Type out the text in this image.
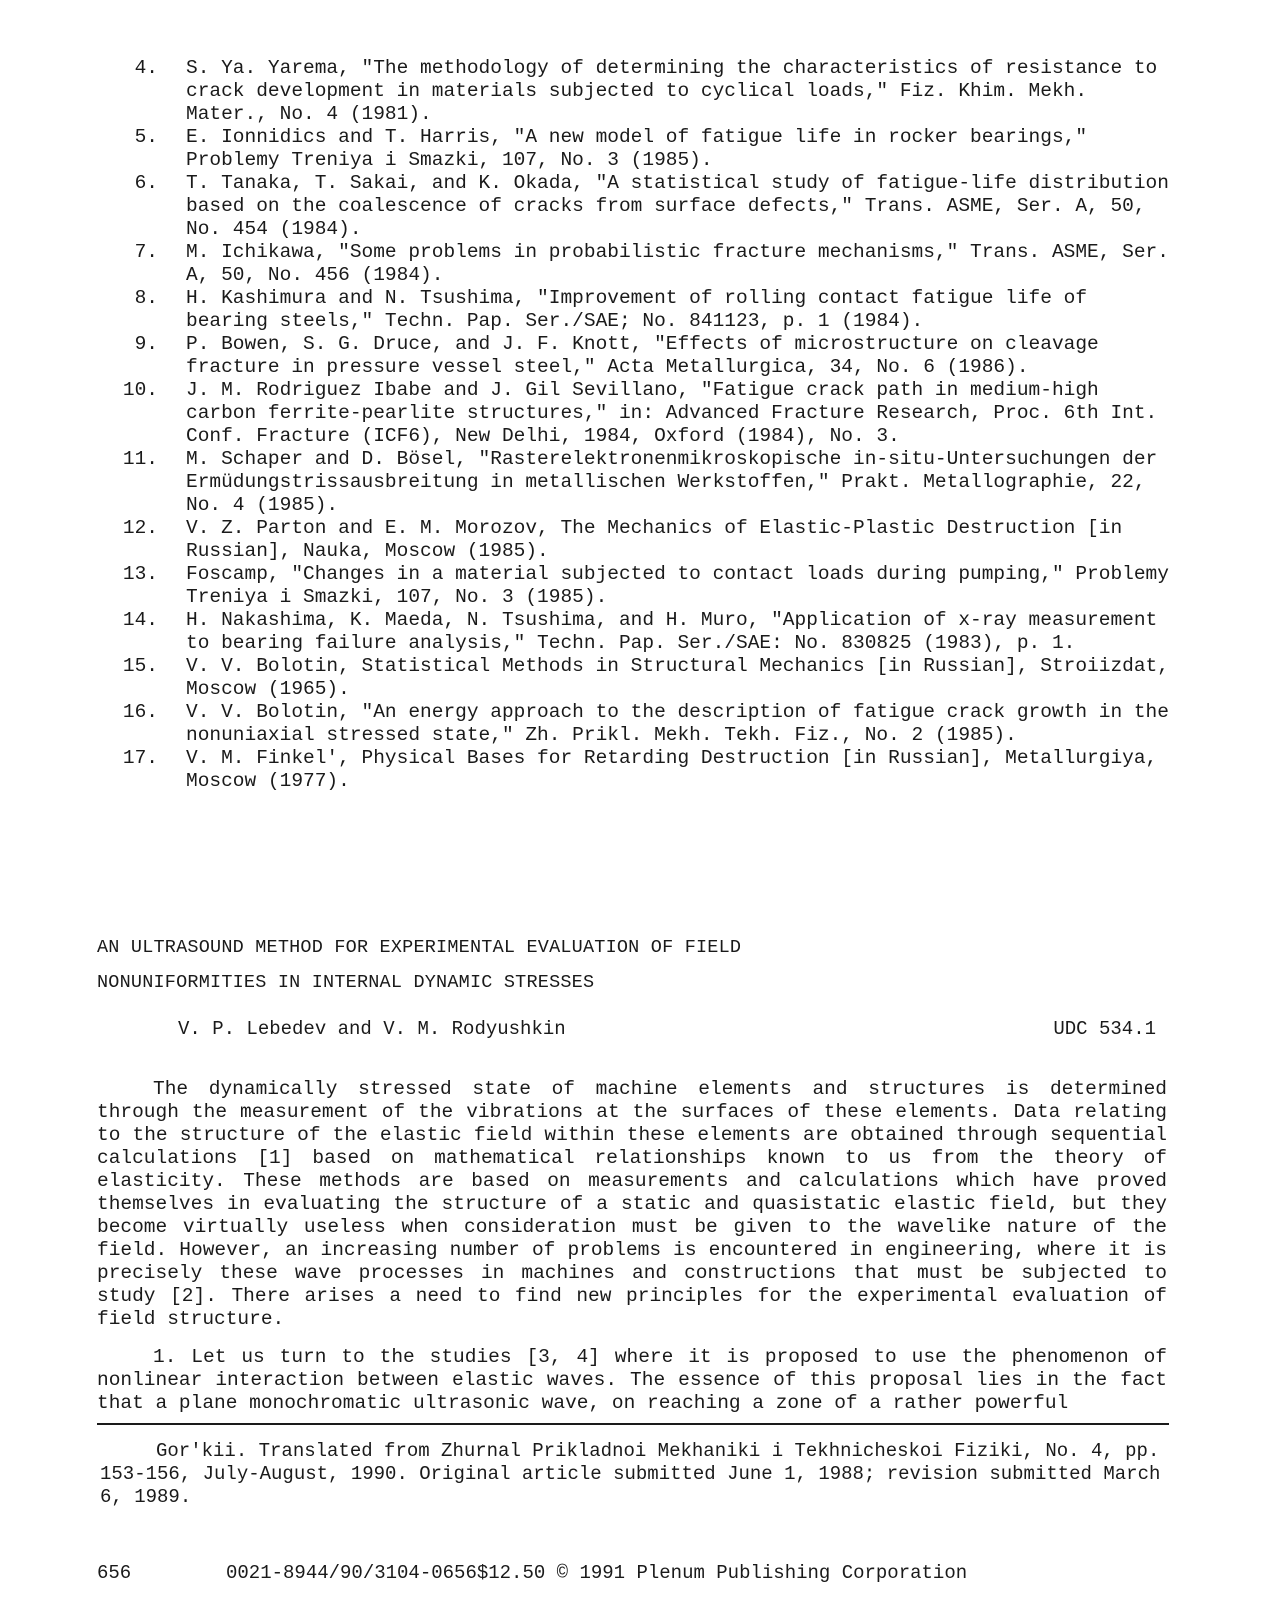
4.	S. Ya. Yarema, "The methodology of determining the characteristics of resistance to crack development in materials subjected to cyclical loads," Fiz. Khim. Mekh. Mater., No. 4 (1981).
5.	E. Ionnidics and T. Harris, "A new model of fatigue life in rocker bearings," Problemy Treniya i Smazki, 107, No. 3 (1985).
6.	T. Tanaka, T. Sakai, and K. Okada, "A statistical study of fatigue-life distribution based on the coalescence of cracks from surface defects," Trans. ASME, Ser. A, 50, No. 454 (1984).
7.	M. Ichikawa, "Some problems in probabilistic fracture mechanisms," Trans. ASME, Ser. A, 50, No. 456 (1984).
8.	H. Kashimura and N. Tsushima, "Improvement of rolling contact fatigue life of bearing steels," Techn. Pap. Ser./SAE; No. 841123, p. 1 (1984).
9.	P. Bowen, S. G. Druce, and J. F. Knott, "Effects of microstructure on cleavage fracture in pressure vessel steel," Acta Metallurgica, 34, No. 6 (1986).
10.	J. M. Rodriguez Ibabe and J. Gil Sevillano, "Fatigue crack path in medium-high carbon ferrite-pearlite structures," in: Advanced Fracture Research, Proc. 6th Int. Conf. Fracture (ICF6), New Delhi, 1984, Oxford (1984), No. 3.
11.	M. Schaper and D. Bösel, "Rasterelektronenmikroskopische in-situ-Untersuchungen der Ermüdungstrissausbreitung in metallischen Werkstoffen," Prakt. Metallographie, 22, No. 4 (1985).
12.	V. Z. Parton and E. M. Morozov, The Mechanics of Elastic-Plastic Destruction [in Russian], Nauka, Moscow (1985).
13.	Foscamp, "Changes in a material subjected to contact loads during pumping," Problemy Treniya i Smazki, 107, No. 3 (1985).
14.	H. Nakashima, K. Maeda, N. Tsushima, and H. Muro, "Application of x-ray measurement to bearing failure analysis," Techn. Pap. Ser./SAE: No. 830825 (1983), p. 1.
15.	V. V. Bolotin, Statistical Methods in Structural Mechanics [in Russian], Stroiizdat, Moscow (1965).
16.	V. V. Bolotin, "An energy approach to the description of fatigue crack growth in the nonuniaxial stressed state," Zh. Prikl. Mekh. Tekh. Fiz., No. 2 (1985).
17.	V. M. Finkel', Physical Bases for Retarding Destruction [in Russian], Metallurgiya, Moscow (1977).
AN ULTRASOUND METHOD FOR EXPERIMENTAL EVALUATION OF FIELD
NONUNIFORMITIES IN INTERNAL DYNAMIC STRESSES
V. P. Lebedev and V. M. Rodyushkin	UDC 534.1
The dynamically stressed state of machine elements and structures is determined through the measurement of the vibrations at the surfaces of these elements. Data relating to the structure of the elastic field within these elements are obtained through sequential calculations [1] based on mathematical relationships known to us from the theory of elasticity. These methods are based on measurements and calculations which have proved themselves in evaluating the structure of a static and quasistatic elastic field, but they become virtually useless when consideration must be given to the wavelike nature of the field. However, an increasing number of problems is encountered in engineering, where it is precisely these wave processes in machines and constructions that must be subjected to study [2]. There arises a need to find new principles for the experimental evaluation of field structure.
1. Let us turn to the studies [3, 4] where it is proposed to use the phenomenon of nonlinear interaction between elastic waves. The essence of this proposal lies in the fact that a plane monochromatic ultrasonic wave, on reaching a zone of a rather powerful
Gor'kii. Translated from Zhurnal Prikladnoi Mekhaniki i Tekhnicheskoi Fiziki, No. 4, pp. 153-156, July-August, 1990. Original article submitted June 1, 1988; revision submitted March 6, 1989.
656	0021-8944/90/3104-0656$12.50 © 1991 Plenum Publishing Corporation
